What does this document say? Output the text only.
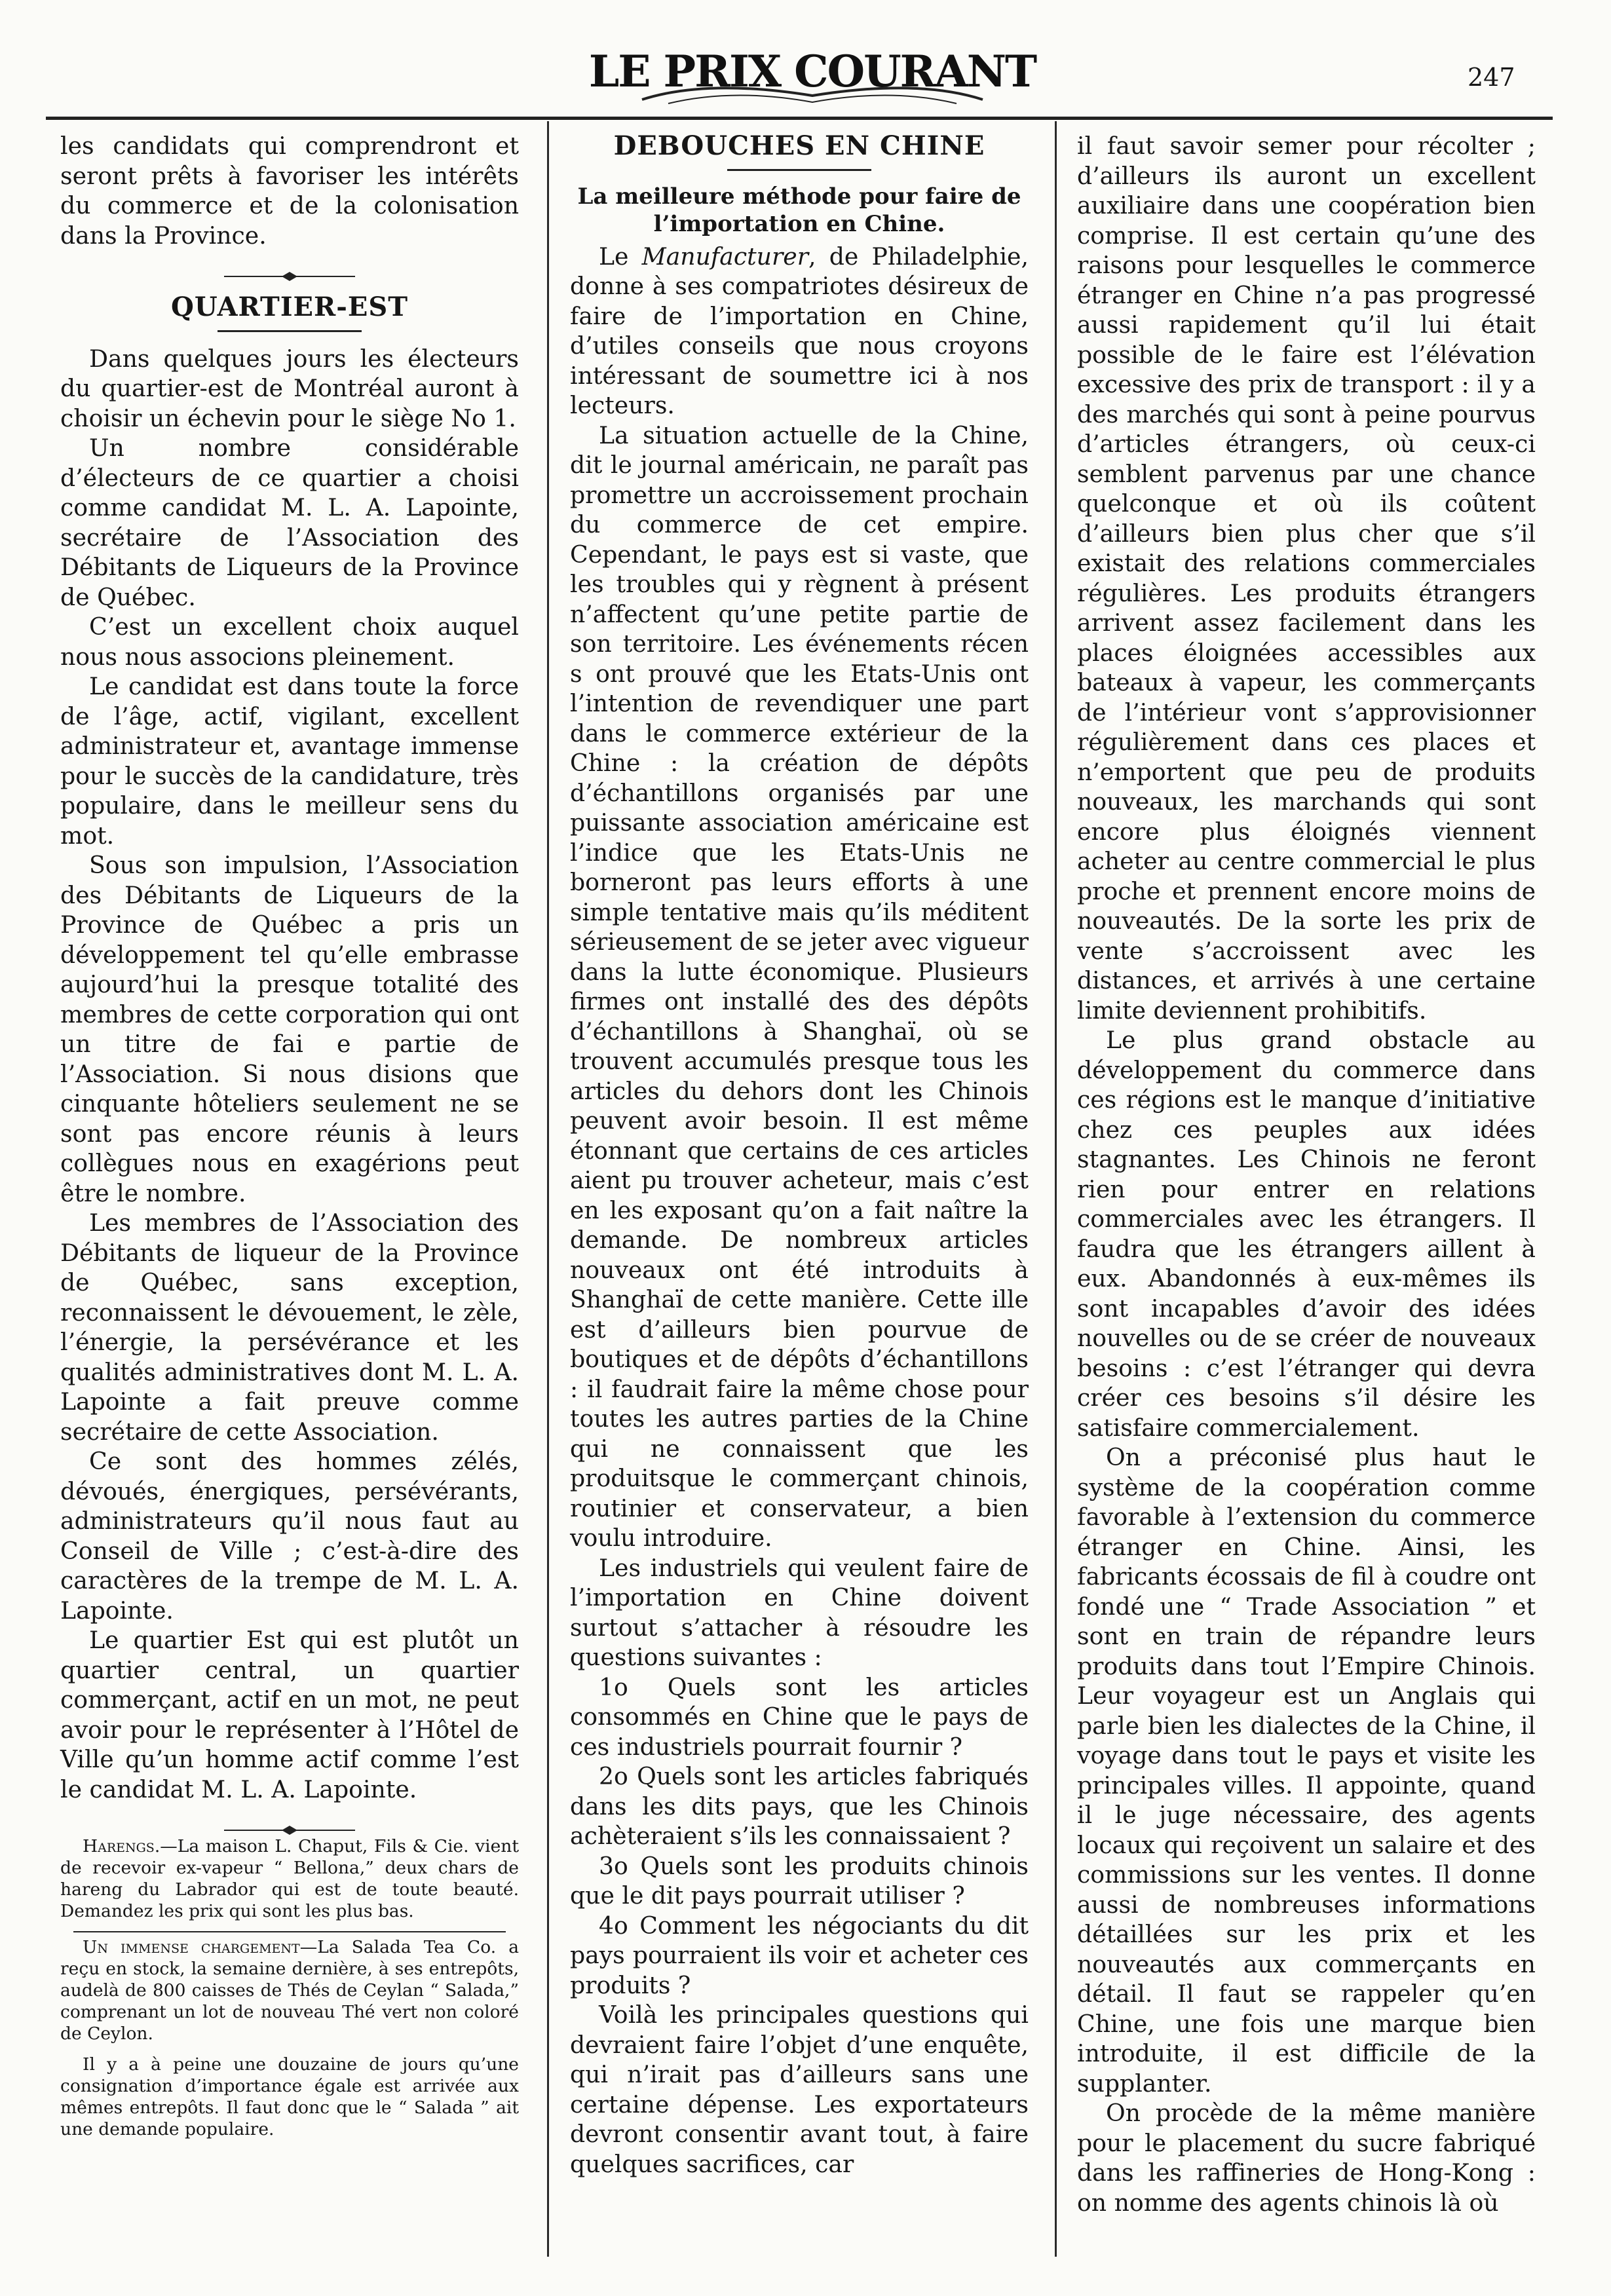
LE PRIX COURANT	247

les candidats qui comprendront et seront prêts à favoriser les intérêts du commerce et de la colonisation dans la Province.

QUARTIER-EST

Dans quelques jours les électeurs du quartier-est de Montréal auront à choisir un échevin pour le siège No 1.

Un nombre considérable d’électeurs de ce quartier a choisi comme candidat M. L. A. Lapointe, secrétaire de l’Association des Débitants de Liqueurs de la Province de Québec.

C’est un excellent choix auquel nous nous associons pleinement.

Le candidat est dans toute la force de l’âge, actif, vigilant, excellent administrateur et, avantage immense pour le succès de la candidature, très populaire, dans le meilleur sens du mot.

Sous son impulsion, l’Association des Débitants de Liqueurs de la Province de Québec a pris un développement tel qu’elle embrasse aujourd’hui la presque totalité des membres de cette corporation qui ont un titre de fai e partie de l’Association. Si nous disions que cinquante hôteliers seulement ne se sont pas encore réunis à leurs collègues nous en exagérions peut être le nombre.

Les membres de l’Association des Débitants de liqueur de la Province de Québec, sans exception, reconnaissent le dévouement, le zèle, l’énergie, la persévérance et les qualités administratives dont M. L. A. Lapointe a fait preuve comme secrétaire de cette Association.

Ce sont des hommes zélés, dévoués, énergiques, persévérants, administrateurs qu’il nous faut au Conseil de Ville ; c’est-à-dire des caractères de la trempe de M. L. A. Lapointe.

Le quartier Est qui est plutôt un quartier central, un quartier commerçant, actif en un mot, ne peut avoir pour le représenter à l’Hôtel de Ville qu’un homme actif comme l’est le candidat M. L. A. Lapointe.

Harengs.—La maison L. Chaput, Fils & Cie. vient de recevoir ex-vapeur “ Bellona,” deux chars de hareng du Labrador qui est de toute beauté. Demandez les prix qui sont les plus bas.

Un immense chargement—La Salada Tea Co. a reçu en stock, la semaine dernière, à ses entrepôts, audelà de 800 caisses de Thés de Ceylan “ Salada,” comprenant un lot de nouveau Thé vert non coloré de Ceylon.

Il y a à peine une douzaine de jours qu’une consignation d’importance égale est arrivée aux mêmes entrepôts. Il faut donc que le “ Salada ” ait une demande populaire.

DEBOUCHES EN CHINE

La meilleure méthode pour faire de l’importation en Chine.

Le Manufacturer, de Philadelphie, donne à ses compatriotes désireux de faire de l’importation en Chine, d’utiles conseils que nous croyons intéressant de soumettre ici à nos lecteurs.

La situation actuelle de la Chine, dit le journal américain, ne paraît pas promettre un accroissement prochain du commerce de cet empire. Cependant, le pays est si vaste, que les troubles qui y règnent à présent n’affectent qu’une petite partie de son territoire. Les événements récen s ont prouvé que les Etats-Unis ont l’intention de revendiquer une part dans le commerce extérieur de la Chine : la création de dépôts d’échantillons organisés par une puissante association américaine est l’indice que les Etats-Unis ne borneront pas leurs efforts à une simple tentative mais qu’ils méditent sérieusement de se jeter avec vigueur dans la lutte économique. Plusieurs firmes ont installé des des dépôts d’échantillons à Shanghaï, où se trouvent accumulés presque tous les articles du dehors dont les Chinois peuvent avoir besoin. Il est même étonnant que certains de ces articles aient pu trouver acheteur, mais c’est en les exposant qu’on a fait naître la demande. De nombreux articles nouveaux ont été introduits à Shanghaï de cette manière. Cette ille est d’ailleurs bien pourvue de boutiques et de dépôts d’échantillons : il faudrait faire la même chose pour toutes les autres parties de la Chine qui ne connaissent que les produitsque le commerçant chinois, routinier et conservateur, a bien voulu introduire.

Les industriels qui veulent faire de l’importation en Chine doivent surtout s’attacher à résoudre les questions suivantes :

1o Quels sont les articles consommés en Chine que le pays de ces industriels pourrait fournir ?

2o Quels sont les articles fabriqués dans les dits pays, que les Chinois achèteraient s’ils les connaissaient ?

3o Quels sont les produits chinois que le dit pays pourrait utiliser ?

4o Comment les négociants du dit pays pourraient ils voir et acheter ces produits ?

Voilà les principales questions qui devraient faire l’objet d’une enquête, qui n’irait pas d’ailleurs sans une certaine dépense. Les exportateurs devront consentir avant tout, à faire quelques sacrifices, car

il faut savoir semer pour récolter ; d’ailleurs ils auront un excellent auxiliaire dans une coopération bien comprise. Il est certain qu’une des raisons pour lesquelles le commerce étranger en Chine n’a pas progressé aussi rapidement qu’il lui était possible de le faire est l’élévation excessive des prix de transport : il y a des marchés qui sont à peine pourvus d’articles étrangers, où ceux-ci semblent parvenus par une chance quelconque et où ils coûtent d’ailleurs bien plus cher que s’il existait des relations commerciales régulières. Les produits étrangers arrivent assez facilement dans les places éloignées accessibles aux bateaux à vapeur, les commerçants de l’intérieur vont s’approvisionner régulièrement dans ces places et n’emportent que peu de produits nouveaux, les marchands qui sont encore plus éloignés viennent acheter au centre commercial le plus proche et prennent encore moins de nouveautés. De la sorte les prix de vente s’accroissent avec les distances, et arrivés à une certaine limite deviennent prohibitifs.

Le plus grand obstacle au développement du commerce dans ces régions est le manque d’initiative chez ces peuples aux idées stagnantes. Les Chinois ne feront rien pour entrer en relations commerciales avec les étrangers. Il faudra que les étrangers aillent à eux. Abandonnés à eux-mêmes ils sont incapables d’avoir des idées nouvelles ou de se créer de nouveaux besoins : c’est l’étranger qui devra créer ces besoins s’il désire les satisfaire commercialement.

On a préconisé plus haut le système de la coopération comme favorable à l’extension du commerce étranger en Chine. Ainsi, les fabricants écossais de fil à coudre ont fondé une “ Trade Association ” et sont en train de répandre leurs produits dans tout l’Empire Chinois. Leur voyageur est un Anglais qui parle bien les dialectes de la Chine, il voyage dans tout le pays et visite les principales villes. Il appointe, quand il le juge nécessaire, des agents locaux qui reçoivent un salaire et des commissions sur les ventes. Il donne aussi de nombreuses informations détaillées sur les prix et les nouveautés aux commerçants en détail. Il faut se rappeler qu’en Chine, une fois une marque bien introduite, il est difficile de la supplanter.

On procède de la même manière pour le placement du sucre fabriqué dans les raffineries de Hong-Kong : on nomme des agents chinois là où
